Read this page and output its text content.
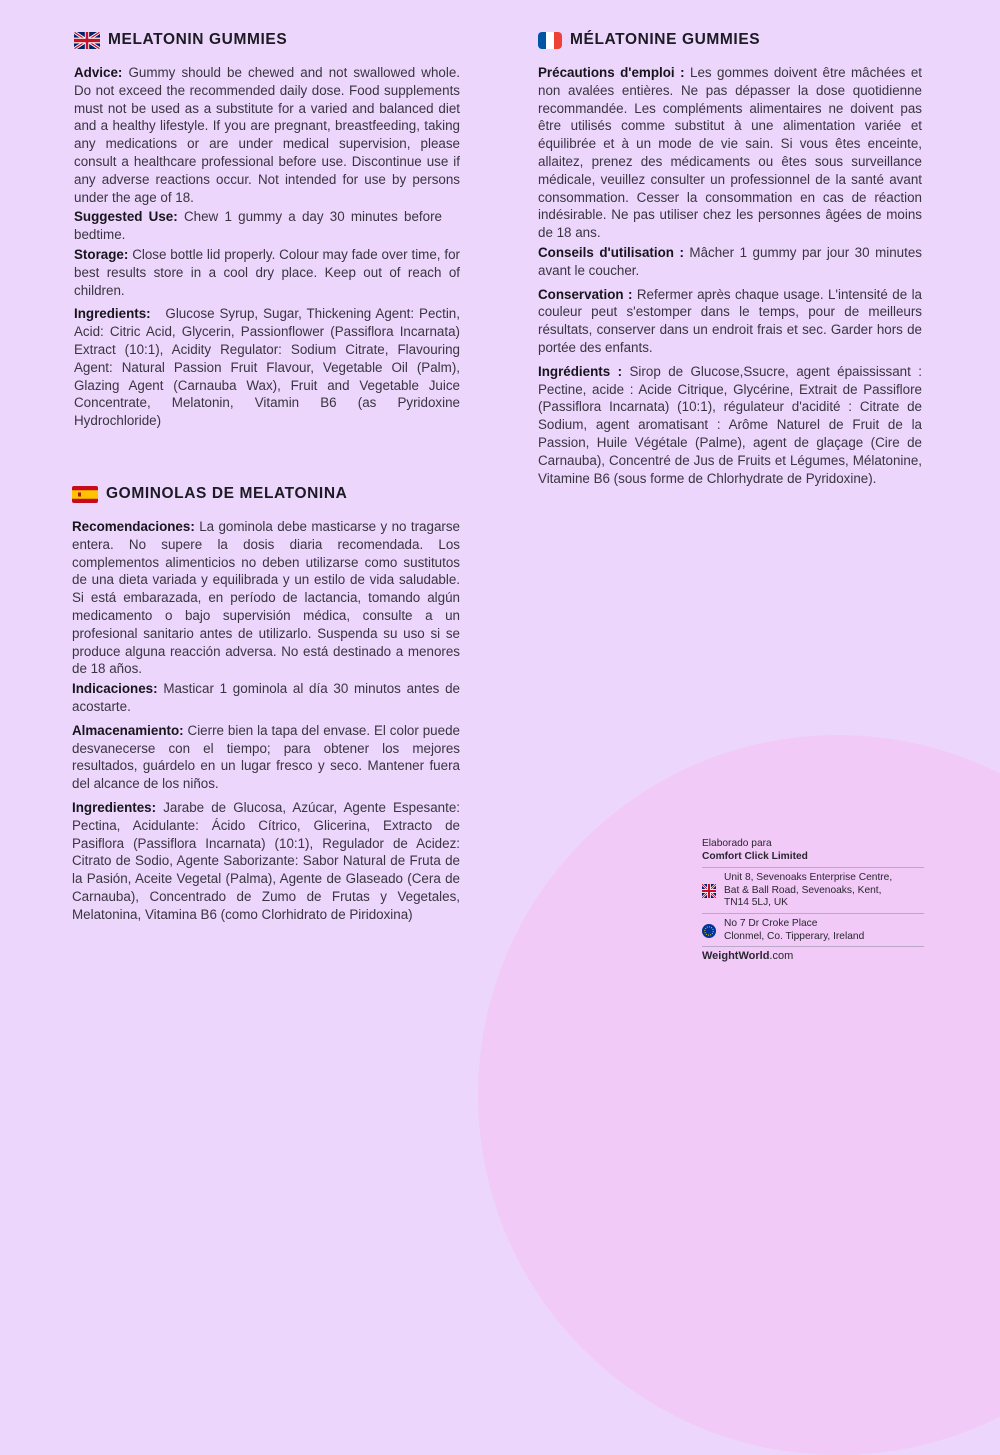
MELATONIN GUMMIES

Advice: Gummy should be chewed and not swallowed whole. Do not exceed the recommended daily dose. Food supplements must not be used as a substitute for a varied and balanced diet and a healthy lifestyle. If you are pregnant, breastfeeding, taking any medications or are under medical supervision, please consult a healthcare professional before use. Discontinue use if any adverse reactions occur. Not intended for use by persons under the age of 18.

Suggested Use: Chew 1 gummy a day 30 minutes before bedtime.

Storage: Close bottle lid properly. Colour may fade over time, for best results store in a cool dry place. Keep out of reach of children.

Ingredients: Glucose Syrup, Sugar, Thickening Agent: Pectin, Acid: Citric Acid, Glycerin, Passionflower (Passiflora Incarnata) Extract (10:1), Acidity Regulator: Sodium Citrate, Flavouring Agent: Natural Passion Fruit Flavour, Vegetable Oil (Palm), Glazing Agent (Carnauba Wax), Fruit and Vegetable Juice Concentrate, Melatonin, Vitamin B6 (as Pyridoxine Hydrochloride)

GOMINOLAS DE MELATONINA

Recomendaciones: La gominola debe masticarse y no tragarse entera. No supere la dosis diaria recomendada. Los complementos alimenticios no deben utilizarse como sustitutos de una dieta variada y equilibrada y un estilo de vida saludable. Si está embarazada, en período de lactancia, tomando algún medicamento o bajo supervisión médica, consulte a un profesional sanitario antes de utilizarlo. Suspenda su uso si se produce alguna reacción adversa. No está destinado a menores de 18 años.

Indicaciones: Masticar 1 gominola al día 30 minutos antes de acostarte.

Almacenamiento: Cierre bien la tapa del envase. El color puede desvanecerse con el tiempo; para obtener los mejores resultados, guárdelo en un lugar fresco y seco. Mantener fuera del alcance de los niños.

Ingredientes: Jarabe de Glucosa, Azúcar, Agente Espesante: Pectina, Acidulante: Ácido Cítrico, Glicerina, Extracto de Pasiflora (Passiflora Incarnata) (10:1), Regulador de Acidez: Citrato de Sodio, Agente Saborizante: Sabor Natural de Fruta de la Pasión, Aceite Vegetal (Palma), Agente de Glaseado (Cera de Carnauba), Concentrado de Zumo de Frutas y Vegetales, Melatonina, Vitamina B6 (como Clorhidrato de Piridoxina)

MÉLATONINE GUMMIES

Précautions d'emploi : Les gommes doivent être mâchées et non avalées entières. Ne pas dépasser la dose quotidienne recommandée. Les compléments alimentaires ne doivent pas être utilisés comme substitut à une alimentation variée et équilibrée et à un mode de vie sain. Si vous êtes enceinte, allaitez, prenez des médicaments ou êtes sous surveillance médicale, veuillez consulter un professionnel de la santé avant consommation. Cesser la consommation en cas de réaction indésirable. Ne pas utiliser chez les personnes âgées de moins de 18 ans.

Conseils d'utilisation : Mâcher 1 gummy par jour 30 minutes avant le coucher.

Conservation : Refermer après chaque usage. L'intensité de la couleur peut s'estomper dans le temps, pour de meilleurs résultats, conserver dans un endroit frais et sec. Garder hors de portée des enfants.

Ingrédients : Sirop de Glucose,Ssucre, agent épaississant : Pectine, acide : Acide Citrique, Glycérine, Extrait de Passiflore (Passiflora Incarnata) (10:1), régulateur d'acidité : Citrate de Sodium, agent aromatisant : Arôme Naturel de Fruit de la Passion, Huile Végétale (Palme), agent de glaçage (Cire de Carnauba), Concentré de Jus de Fruits et Légumes, Mélatonine, Vitamine B6 (sous forme de Chlorhydrate de Pyridoxine).

Elaborado para

Comfort Click Limited

Unit 8, Sevenoaks Enterprise Centre,
Bat & Ball Road, Sevenoaks, Kent,
TN14 5LJ, UK
No 7 Dr Croke Place
Clonmel, Co. Tipperary, Ireland
WeightWorld.com
